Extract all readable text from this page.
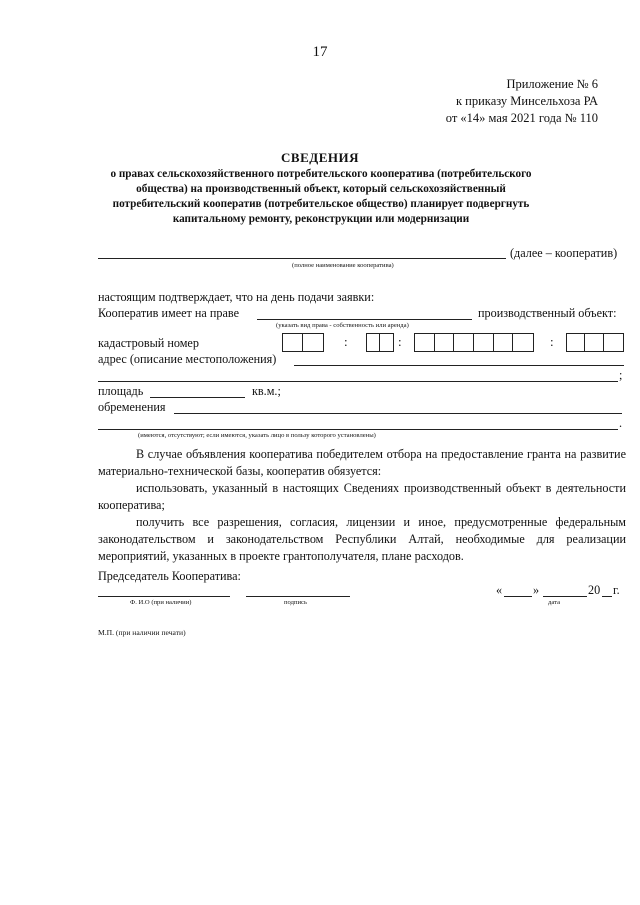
17
Приложение № 6
к приказу Минсельхоза РА
от «14» мая 2021 года № 110
СВЕДЕНИЯ
о правах сельскохозяйственного потребительского кооператива (потребительского общества) на производственный объект, который сельскохозяйственный потребительский кооператив (потребительское общество) планирует подвергнуть капитальному ремонту, реконструкции или модернизации
(далее – кооператив)
(полное наименование кооператива)
настоящим подтверждает, что на день подачи заявки:
Кооператив имеет на праве	производственный объект:
(указать вид права - собственность или аренда)
кадастровый номер	:	:	:
адрес (описание местоположения)
;
площадь	кв.м.;
обременения
.
(имеются, отсутствуют; если имеются, указать лицо в пользу которого установлены)
В случае объявления кооператива победителем отбора на предоставление гранта на развитие материально-технической базы, кооператив обязуется:
использовать, указанный в настоящих Сведениях производственный объект в деятельности кооператива;
получить все разрешения, согласия, лицензии и иное, предусмотренные федеральным законодательством и законодательством Республики Алтай, необходимые для реализации мероприятий, указанных в проекте грантополучателя, плане расходов.
Председатель Кооператива:
Ф. И.О (при наличии)	подпись
«	»	20 г.
дата
М.П. (при наличии печати)
